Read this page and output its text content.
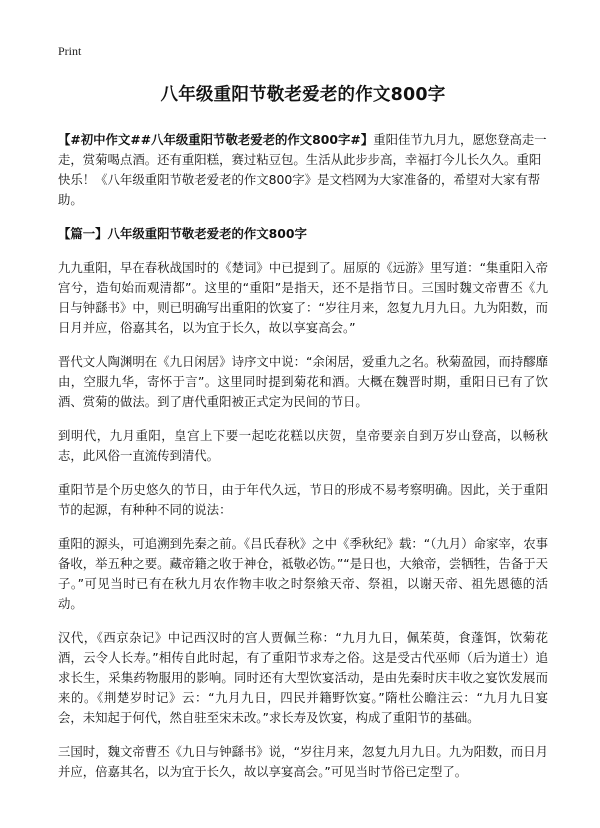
Print
八年级重阳节敬老爱老的作文800字
【#初中作文##八年级重阳节敬老爱老的作文800字#】重阳佳节九月九，愿您登高走一走，赏菊喝点酒。还有重阳糕，赛过粘豆包。生活从此步步高，幸福打今儿长久久。重阳快乐！《八年级重阳节敬老爱老的作文800字》是文档网为大家准备的，希望对大家有帮助。
【篇一】八年级重阳节敬老爱老的作文800字
九九重阳，早在春秋战国时的《楚词》中已提到了。屈原的《远游》里写道：“集重阳入帝宫兮，造旬始而观清都”。这里的“重阳”是指天，还不是指节日。三国时魏文帝曹丕《九日与钟繇书》中，则已明确写出重阳的饮宴了：“岁往月来，忽复九月九日。九为阳数，而日月并应，俗嘉其名，以为宜于长久，故以享宴高会。”
晋代文人陶渊明在《九日闲居》诗序文中说：“余闲居，爱重九之名。秋菊盈园，而持醪靡由，空服九华，寄怀于言”。这里同时提到菊花和酒。大概在魏晋时期，重阳日已有了饮酒、赏菊的做法。到了唐代重阳被正式定为民间的节日。
到明代，九月重阳，皇宫上下要一起吃花糕以庆贺，皇帝要亲自到万岁山登高，以畅秋志，此风俗一直流传到清代。
重阳节是个历史悠久的节日，由于年代久远，节日的形成不易考察明确。因此，关于重阳节的起源，有种种不同的说法：
重阳的源头，可追溯到先秦之前。《吕氏春秋》之中《季秋纪》载：“（九月）命家宰，农事备收，举五种之要。藏帝籍之收于神仓，祗敬必饬。”“是日也，大飨帝，尝牺牲，告备于天子。”可见当时已有在秋九月农作物丰收之时祭飨天帝、祭祖，以谢天帝、祖先恩德的活动。
汉代，《西京杂记》中记西汉时的宫人贾佩兰称：“九月九日，佩茱萸，食蓬饵，饮菊花酒，云令人长寿。”相传自此时起，有了重阳节求寿之俗。这是受古代巫师（后为道士）追求长生，采集药物服用的影响。同时还有大型饮宴活动，是由先秦时庆丰收之宴饮发展而来的。《荆楚岁时记》云：“九月九日，四民并籍野饮宴。”隋杜公瞻注云：“九月九日宴会，未知起于何代，然自驻至宋未改。”求长寿及饮宴，构成了重阳节的基础。
三国时，魏文帝曹丕《九日与钟繇书》说，“岁往月来，忽复九月九日。九为阳数，而日月并应，倍嘉其名，以为宜于长久，故以享宴高会。”可见当时节俗已定型了。
